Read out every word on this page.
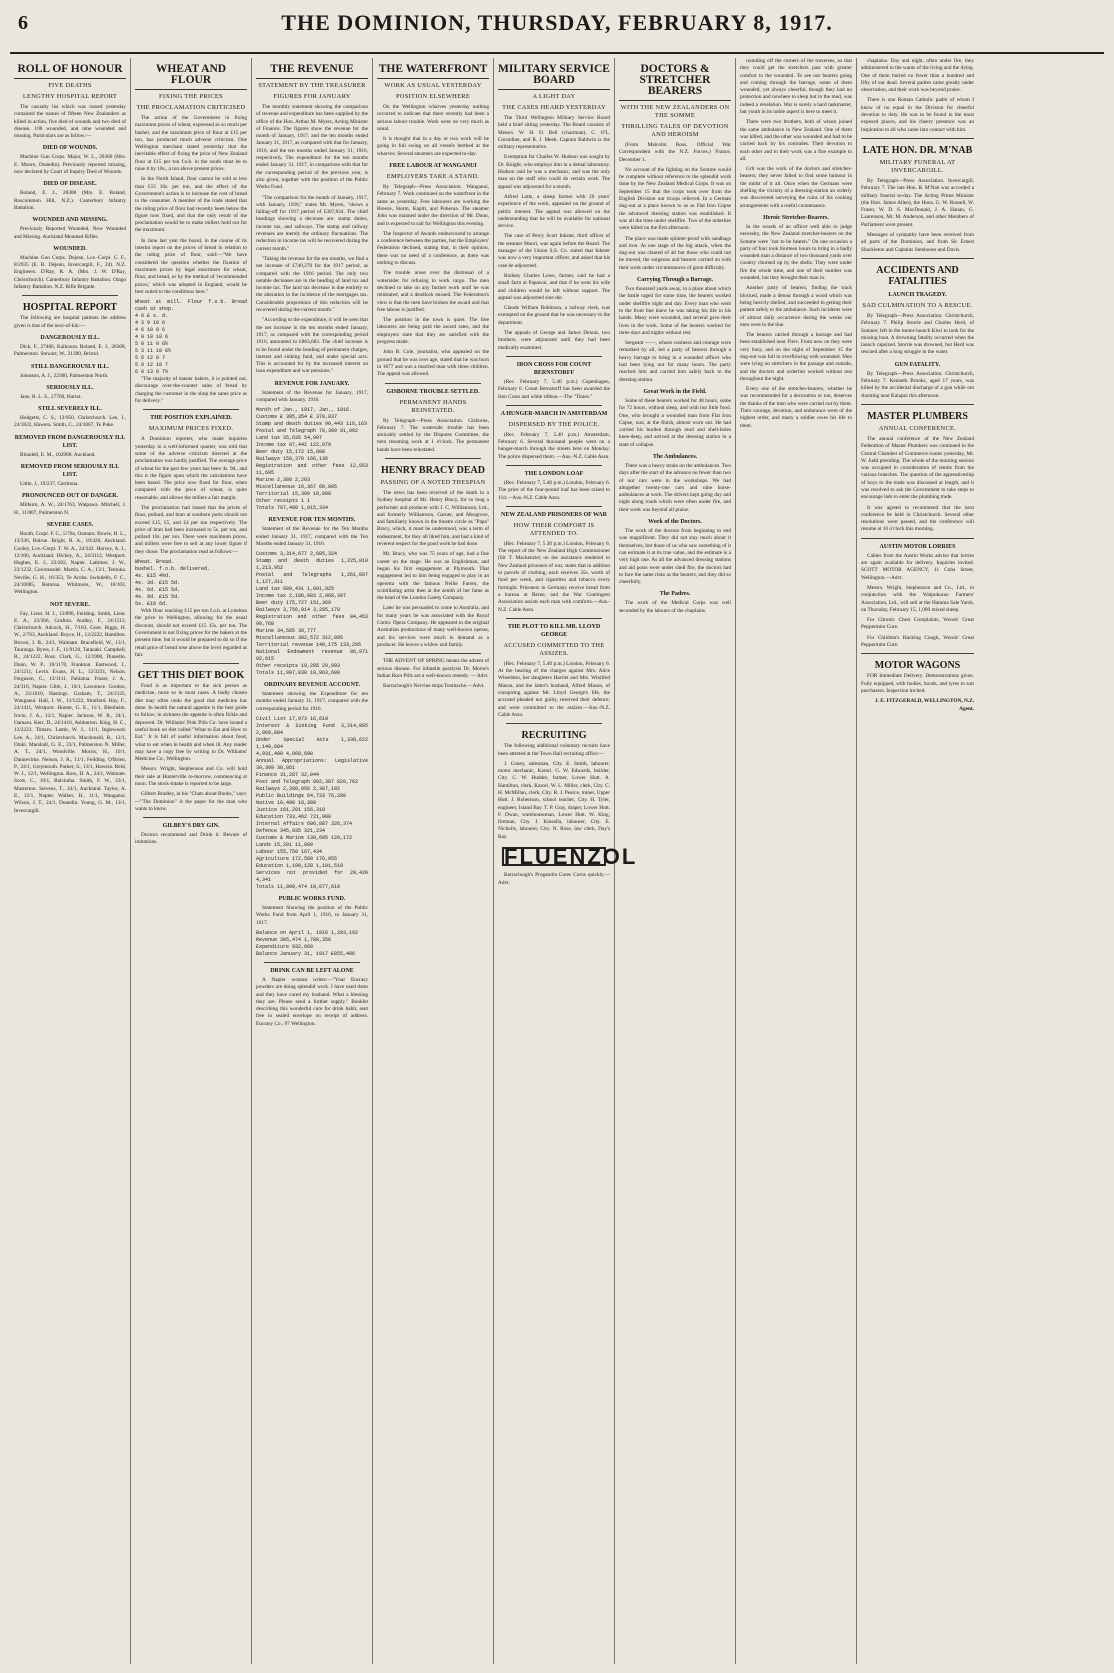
6	THE DOMINION, THURSDAY, FEBRUARY 8, 1917.
ROLL OF HONOUR
FIVE DEATHS
LENGTHY HOSPITAL REPORT

The casualty list which was issued yesterday contained the names of fifteen New Zealanders as killed in action, five died of wounds and two died of disease, 106 wounded, and nine wounded and missing. Particulars are as follow:—

DIED OF WOUNDS.

Machine Gun Corps. Major, W. L., 20360 (Mrs. E. Moore, Dunedin). Previously reported missing, now declared by Court of Inquiry Died of Wounds.

DIED OF DISEASE.

Boland, E. J., 28308 (Mrs. E. Boland, Roscommon Hill, N.Z.). Canterbury Infantry Battalion.

WOUNDED AND MISSING.

Previously Reported Wounded, Now Wounded and Missing. Auckland Mounted Rifles.

WOUNDED.

Machine Gun Corps. Dejean, Lce.-Corpl. C. F., 8/2935 (E. B. Dejean, Invercargill, F., 24). N.Z. Engineers. D'Ray, R. A. (Mrs. J. W. D'Ray, Christchurch). Canterbury Infantry Battalion. Otago Infantry Battalion. N.Z. Rifle Brigade.

HOSPITAL REPORT

The following are hospital patients the address given is that of the next-of-kin:—

DANGEROUSLY ILL.

Dick, F., 27406, Kaikoura. Boland, E. J., 28308, Palmerston. Stewart, W., 21390, Bristol.

STILL DANGEROUSLY ILL.

Johnston, A. J., 22300, Palmerston North.

SERIOUSLY ILL.

Jane, R. L. S., 27760, Hariot.

STILL SEVERELY ILL.

Hodgetts, C. S., 12/950, Christchurch. Lee, J., 24/1822, Hawera. Smith, C., 24/3067, Te Puke.

REMOVED FROM DANGEROUSLY ILL LIST.

Blundell, E. M., 102908, Auckland.

REMOVED FROM SERIOUSLY ILL LIST.

Little, J., 19/237, Cardrona.

PRONOUNCED OUT OF DANGER.

Milburn, A. W., 24/1763, Waipawa. Mitchell, J. H., 11/807, Palmerston N.

SEVERE CASES.

Booth, Corpl. F. C., 5/70a, Oamaru. Bowie, H. L., 13/336, Bulrue. Bright, R. A., 10/420, Auckland. Cooley, Lce.-Corpl. T. W. A., 24/342. Harvey, A. J., 12/100, Auckland. Hickey, A., 24/3112, Westport. Hughes, E. J., 23/202, Napier. Lattimer, J. W., 23/1232, Coromandel. Martin, C. A., 13/1, Temuka. Neville, G. H., 16/353, Te Aroha. Swindells, F. C., 24/10085, Rotorua. Whitmore, W., 10/103, Wellington.

NOT SEVERE.

Fay, Lieut. H. J., 13/896, Feilding. Smith, Lieut. E. A., 23/366, Grafton. Audley, F., 24/1512, Christchurch. Adcock, H., 7/163, Gore. Biggs, H. W., 2/763, Auckland. Boyce, H., 12/2222, Hamilton. Brown, J. B., 24/1, Waimate. Bracefield, W., 13/1, Tauranga. Byres, J. F., 11/9120, Taranaki. Campbell, R., 24/1222, Ross. Clark, G., 12/1900, Dunedin. Dunn, W. P., 10/1170, Frankton. Eastwood, J., 24/1211, Levin. Evans, H. L., 12/3231, Nelson. Ferguson, G., 13/1111, Pahiatua. Fraser, J. A., 24/316, Napier. Gibb, J., 10/1, Lawrence. Gordon, A., 23/1010, Hastings. Graham, T., 24/2125, Wanganui. Hall, J. W., 13/1222, Stratford. Hay, F., 24/1411, Westport. Hunter, G. E., 11/1, Blenheim. Irwin, J. A., 12/1, Napier. Jackson, W. R., 24/1, Oamaru. Kerr, D., 24/1410, Ashburton. King, H. C., 13/2223, Timaru. Lamb, W. J., 11/1, Inglewood. Lee, A., 24/1, Christchurch. Macdonald, R., 12/1, Otaki. Marshall, G. E., 23/1, Palmerston N. Miller, A. T., 24/1, Woodville. Morris, H., 10/1, Dannevirke. Nelson, J. R., 11/1, Feilding. O'Brien, P., 24/1, Greymouth. Parker, S., 13/1, Hawera. Reid, W. J., 12/1, Wellington. Ross, D. A., 24/1, Waimate. Scott, C., 10/1, Balclutha. Smith, F. W., 23/1, Masterton. Stevens, T., 24/1, Auckland. Taylor, A. E., 12/1, Napier. Walker, H., 11/1, Wanganui. Wilson, J. T., 24/1, Dunedin. Young, G. M., 13/1, Invercargill.

WHEAT AND FLOUR
FIXING THE PRICES
THE PROCLAMATION CRITICISED

The action of the Government in fixing maximum prices of wheat, expressed as so much per bushel, and the maximum price of flour at £15 per ton, has produced much adverse criticism. One Wellington merchant stated yesterday that the inevitable effect of fixing the price of New Zealand flour at £15 per ton f.o.b. in the south must be to raise it by 10s., a ton above present prices.

In the North Island, flour cannot be sold at less than £15 10s. per ton, and the effect of the Government's action is to increase the cost of bread to the consumer. A member of the trade stated that the ruling price of flour had recently been below the figure now fixed, and that the only result of the proclamation would be to make millers hold out for the maximum.

In June last year the board, in the course of its interim report on the prices of bread in relation to the ruling price of flour, said:—"We have considered the question whether the fixation of maximum prices by legal enactment for wheat, flour, and bread, or by the method of 'recommended prices,' which was adopted in England, would be best suited to the conditions here."

Wheat at mill. Flour f.o.b. Bread cash at shop.
4 0 £ s. d.
4 3 9 10 6
4 6 10 0 6
4 9 10 10 6
5 0 11 0 6½
5 3 11 10 6½
5 6 12 0 7
5 9 12 10 7
6 0 13 0 7½

"The majority of master bakers, it is pointed out, discourage over-the-counter sales of bread by charging the customer in the shop the same price as for delivery."

THE POSITION EXPLAINED.
MAXIMUM PRICES FIXED.

A Dominion reporter, who made inquiries yesterday in a well-informed quarter, was told that some of the adverse criticism directed at the proclamation was hardly justified. The average price of wheat for the past few years has been 4s. 9d., and this is the figure upon which the calculations have been based. The price now fixed for flour, when compared with the price of wheat, is quite reasonable, and allows the millers a fair margin.

The proclamation had issued that the prices of flour, pollard, and bran at southern ports should not exceed £15, £5, and £4 per ton respectively. The price of bran had been increased to 5s. per ton, and pollard 10s. per ton. There were maximum prices, and millers were free to sell at any lower figure if they chose. The proclamation read as follows:—

Wheat. Bread.
bushel. f.o.b. delivered.
4s. £15 4½d.
4s. 3d. £15 5d.
4s. 6d. £15 5d.
4s. 9d. £15 5d.
5s. £16 6d.

With flour reaching £15 per ton f.o.b. at Lyttelton the price in Wellington, allowing for the usual discount, should not exceed £15 15s. per ton. The Government is not fixing prices for the bakers at the present time, but it would be prepared to do so if the retail price of bread rose above the level regarded as fair.

GET THIS DIET BOOK

Food is as important to the sick person as medicine, more so in most cases. A badly chosen diet may often undo the good that medicine has done. In health the natural appetite is the best guide to follow; in sickness the appetite is often fickle and depraved. Dr. Williams' Pink Pills Co. have issued a useful book on diet called "What to Eat and How to Eat." It is full of useful information about food, what to eat when in health and when ill. Any reader may have a copy free by writing to Dr. Williams' Medicine Co., Wellington.

Messrs. Wright, Stephenson and Co. will hold their sale at Hunterville to-morrow, commencing at noon. The stock-intake is reported to be large.

Gilbert Bradley, in his "Chats about Books," says:—"The Dominion" is the paper for the man who wants to know.

GILBEY'S DRY GIN.

Doctors recommend and Drink it. Beware of imitations.

THE REVENUE
STATEMENT BY THE TREASURER
FIGURES FOR JANUARY

The monthly statement showing the comparison of revenue and expenditure has been supplied by the office of the Hon. Arthur M. Myers, Acting Minister of Finance. The figures show the revenue for the month of January, 1917, and the ten months ended January 31, 1917, as compared with that for January, 1916, and the ten months ended January 31, 1916, respectively. The expenditure for the ten months ended January 31, 1917, in comparison with that for the corresponding period of the previous year, is also given, together with the position of the Public Works Fund.

"The comparison for the month of January, 1917, with January, 1916," states Mr. Myers, "shows a falling-off for 1917 period of £307,834. The chief headings showing a decrease are: stamp duties, income tax, and railways. The stamp and railway revenues are merely the ordinary fluctuations. The reduction in income tax will be recovered during the current month."

"Taking the revenue for the ten months, we find a net increase of £740,270 for the 1917 period, as compared with the 1916 period. The only two notable decreases are in the heading of land tax and income tax. The land tax decrease is due entirely to the alteration in the incidence of the mortgages tax. Considerable proportions of this reduction will be recovered during the current month."

"According to the expenditure, it will be seen that the net increase in the ten months ended January, 1917, as compared with the corresponding period 1916, amounted to £863,683. The chief increase is to be found under the heading of permanent charges, interest and sinking fund, and under special acts. This is accounted for by the increased interest on loan expenditure and war pensions."

REVENUE FOR JANUARY.

Statement of the Revenue for January, 1917, compared with January, 1916.

Month of Jan., 1917. Jan., 1916.
Customs £ 305,354 £ 370,837
Stamp and death duties 90,443 116,163
Postal and Telegraph 70,309 91,002
Land tax 35,635 54,097
Income tax 97,442 122,079
Beer duty 15,172 15,608
Railways 159,370 166,136
Registration and other fees 12,053 11,695
Marine 2,380 2,203
Miscellaneous 16,367 60,895
Territorial 15,309 10,890
Other receipts 1 1
Totals 707,480 1,015,334
REVENUE FOR TEN MONTHS.

Statement of the Revenue for the Ten Months ended January 31, 1917, compared with the Ten Months ended January 31, 1916.

Customs 3,314,677 2,685,324
Stamp and death duties 1,225,019 1,213,952
Postal and Telegraphs 1,261,897 1,127,311
Land tax 689,431 1,001,925
Income tax 2,106,983 2,068,397
Beer duty 175,727 151,369
Railways 3,756,914 3,285,179
Registration and other fees 84,453 90,768
Marine 34,585 30,777
Miscellaneous 302,572 312,095
Territorial revenue 140,175 133,295
National Endowment revenue 86,971 92,615
Other receipts 19,205 29,093
Totals 11,997,830 10,963,609
ORDINARY REVENUE ACCOUNT.

Statement showing the Expenditure for ten months ended January 31, 1917, compared with the corresponding period for 1916.

Civil List 17,973 16,619
Interest & Sinking Fund 3,314,805 2,969,884
Under Special Acts 1,338,622 1,140,604
4,931,400 4,068,698
Annual Appropriations: Legislative 39,309 30,861
Finance 31,287 32,044
Post and Telegraph 802,387 820,762
Railways 2,280,056 2,307,192
Public Buildings 64,733 76,289
Native 10,498 10,380
Justice 161,201 156,310
Education 733,462 721,900
Internal Affairs 606,887 326,374
Defence 345,935 321,234
Customs & Marine 130,695 129,172
Lands 15,201 11,800
Labour 155,750 167,434
Agriculture 172,560 170,955
Education 1,100,128 1,101,519
Services not provided for 29,420 4,341
Totals 11,009,474 10,077,619
PUBLIC WORKS FUND.

Statement Showing the position of the Public Works Fund from April 1, 1916, to January 31, 1917.

Balance on April 1, 1916 1,203,192
Revenue 305,474 1,788,356
Expenditure 932,060
Balance January 31, 1917 £855,486
DRINK CAN BE LEFT ALONE

A Napier woman writes:—"Your Eucrasy powders are doing splendid work. I have used them and they have cured my husband. What a blessing they are. Please send a further supply." Booklet describing this wonderful cure for drink habit, sent free in sealed envelope on receipt of address. Eucrasy Co., 97 Wellington.

THE WATERFRONT
WORK AS USUAL YESTERDAY
POSITION ELSEWHERE

On the Wellington wharves yesterday nothing occurred to indicate that there recently had been a serious labour trouble. Work went on very much as usual.

It is thought that in a day or two work will be going in full swing on all vessels berthed at the wharves. Several steamers are expected to-day.

FREE LABOUR AT WANGANUI
EMPLOYERS TAKE A STAND.

By Telegraph—Press Association. Wanganui, February 7. Work continued on the waterfront in the same as yesterday. Free labourers are working the Breeze, Storm, Kapiti, and Poherua. The steamer John was manned under the direction of Mr. Dunn, and is expected to sail for Wellington this evening.

The Inspector of Awards endeavoured to arrange a conference between the parties, but the Employers' Federation declined, stating that, in their opinion, there was no need of a conference, as there was nothing to discuss.

The trouble arose over the dismissal of a watersider for refusing to work cargo. The men declined to take on any further work until he was reinstated, and a deadlock ensued. The Federation's view is that the men have broken the award and that free labour is justified.

The position in the town is quiet. The free labourers are being paid the award rates, and the employers state that they are satisfied with the progress made.

John B. Cole, journalist, who appealed on the ground that he was over age, stated that he was born in 1877 and was a married man with three children. The appeal was allowed.

GISBORNE TROUBLE SETTLED.
PERMANENT HANDS REINSTATED.

By Telegraph—Press Association. Gisborne, February 7. The waterside trouble has been amicably settled by the Disputes Committee, the men resuming work at 1 o'clock. The permanent hands have been reinstated.

HENRY BRACY DEAD
PASSING OF A NOTED THESPIAN

The news has been received of the death in a Sydney hospital of Mr. Henry Bracy, for so long a performer and producer with J. C. Williamson, Ltd., and formerly Williamson, Garner, and Musgrove, and familiarly known in the theatre circle as "Papa" Bracy, which, it must be understood, was a term of endearment, for they all liked him, and had a kind of reverent respect for the good work he had done.

Mr. Bracy, who was 75 years of age, had a fine career on the stage. He was an Englishman, and began his first engagement at Plymouth. That engagement led to him being engaged to play in an operetta with the famous Nellie Farren, the scintillating artist then at the zenith of her fame as the head of the London Gaiety Company.

Later he was persuaded to come to Australia, and for many years he was associated with the Royal Comic Opera Company. He appeared in the original Australian productions of many well-known operas, and his services were much in demand as a producer. He leaves a widow and family.

THE ADVENT OF SPRING means the advent of serious disease. For infantile paralysis Dr. Morse's Indian Root Pills are a well-known remedy. — Advt.

Barraclough's Nervine stops Toothache.—Advt.

MILITARY SERVICE BOARD
A LIGHT DAY
THE CASES HEARD YESTERDAY

The Third Wellington Military Service Board held a brief sitting yesterday. The Board consists of Messrs. W. H. D. Bell (chairman), C. O'L. Considine, and R. J. Meek. Captain Baldwin is the military representative.

Exemption for Charles W. Hudson was sought by Dr. Knight, who employs him in a dental laboratory. Hudson said he was a mechanic, and was the only man on the staff who could do certain work. The appeal was adjourned for a month.

Alfred Lotts, a sheep farmer with 26 years' experience of the work, appealed on the ground of public interest. The appeal was allowed on the understanding that he will be available for national service.

The case of Percy Scott Inkster, third officer of the steamer Maori, was again before the Board. The manager of the Union S.S. Co. stated that Inkster was now a very important officer, and asked that his case be adjourned.

Rodney Charles Lowe, farmer, said he had a small farm at Papawai, and that if he went his wife and children would be left without support. The appeal was adjourned sine die.

Claude William Robinson, a railway clerk, was exempted on the ground that he was necessary to the department.

The appeals of George and James Dennis, two brothers, were adjourned until they had been medically examined.

IRON CROSS FOR COUNT BERNSTORFF

(Rec. February 7, 5.40 p.m.) Copenhagen, February 6. Count Bernstorff has been awarded the Iron Cross and white ribbon.—The "Times."

A HUNGER-MARCH IN AMSTERDAM
DISPERSED BY THE POLICE.

(Rec. February 7, 5.40 p.m.) Amsterdam, February 6. Several thousand people went on a hunger-march through the streets here on Monday. The police dispersed them. —Aus.-N.Z. Cable Assn.

THE LONDON LOAF

(Rec. February 7, 5.40 p.m.) London, February 6. The price of the four-pound loaf has been raised to 11d.—Aus.-N.Z. Cable Assn.

NEW ZEALAND PRISONERS OF WAR
HOW THEIR COMFORT IS ATTENDED TO.

(Rec. February 7, 5.30 p.m.) London, February 6. The report of the New Zealand High Commissioner (Sir T. Mackenzie) on the assistance rendered to New Zealand prisoners of war, states that in addition to parcels of clothing, each receives 35s. worth of food per week, and cigarettes and tobacco every fortnight. Prisoners in Germany receive bread from a bureau at Berne, and the War Contingent Association assists each man with comforts.—Aus.-N.Z. Cable Assn.

THE PLOT TO KILL MR. LLOYD GEORGE
ACCUSED COMMITTED TO THE ASSIZES.

(Rec. February 7, 5.40 p.m.) London, February 6. At the hearing of the charges against Mrs. Alice Wheeldon, her daughters Harriet and Mrs. Winifred Mason, and the latter's husband, Alfred Mason, of conspiring against Mr. Lloyd George's life, the accused pleaded not guilty, reserved their defence, and were committed to the assizes.—Aus.-N.Z. Cable Assn.

RECRUITING

The following additional voluntary recruits have been attested at the Town Hall recruiting office:—

J. Coney, salesman, City. E. Smith, labourer, motor mechanic, Karori. G. W. Edwards, builder, City. C. W. Hudder, farmer, Lower Hutt. A. Hamilton, clerk, Karori. W. L. Miller, clerk, City. C. H. McMillan, clerk, City. R. J. Pearce, miner, Upper Hutt. J. Robertson, school teacher, City. H. Tyler, engineer, Island Bay. T. P. Gray, draper, Lower Hutt. F. Dwan, warehouseman, Lower Hutt. W. King, fireman, City. J. Kinsella, labourer, City. E. Nicholls, labourer, City. N. Rose, law clerk, Day's Bay.

FLUENZOL

Barraclough's Progandra Cures Corns quickly.—Advt.

DOCTORS & STRETCHER BEARERS
WITH THE NEW ZEALANDERS ON THE SOMME
THRILLING TALES OF DEVOTION AND HEROISM

(From Malcolm Ross, Official War Correspondent with the N.Z. Forces.) France, December 1.

No account of the fighting on the Somme would be complete without reference to the splendid work done by the New Zealand Medical Corps. It was on September 15 that the corps took over from the English Division our troops relieved. In a German dug-out at a place known to us as Flat Iron Copse the advanced dressing station was established. It was all the time under shellfire. Two of the orderlies were killed on the first afternoon.

The place was made splinter-proof with sandbags and iron. At one stage of the big attack, when the dug-out was cleared of all but those who could not be moved, the surgeons and bearers carried on with their work under circumstances of great difficulty.

Carrying Through a Barrage.

Two thousand yards away, in a place about which the battle raged for some time, the bearers worked under shellfire night and day. Every man who went to the front line knew he was taking his life in his hands. Many were wounded, and several gave their lives in the work. Some of the bearers worked for three days and nights without rest.

Sergeant ——, whose coolness and courage were remarked by all, led a party of bearers through a heavy barrage to bring in a wounded officer who had been lying out for many hours. The party reached him and carried him safely back to the dressing station.

Great Work in the Field.

Some of these bearers worked for 48 hours, some for 72 hours, without sleep, and with but little food. One, who brought a wounded man from Flat Iron Copse, was, at the finish, almost worn out. He had carried his burden through mud and shell-holes knee-deep, and arrived at the dressing station in a state of collapse.

The Ambulances.

There was a heavy strain on the ambulances. Two days after the start of the advance no fewer than two of our cars were in the workshops. We had altogether twenty-one cars and nine horse-ambulances at work. The drivers kept going day and night along roads which were often under fire, and their work was beyond all praise.

Work of the Doctors.

The work of the doctors from beginning to end was magnificent. They did not stay much about it themselves, but those of us who saw something of it can estimate it at its true value, and the estimate is a very high one. As all the advanced dressing stations and aid posts were under shell fire, the doctors had to face the same risks as the bearers, and they did so cheerfully.

The Padres.

The work of the Medical Corps was well seconded by the labours of the chaplains.

rounding off the corners of the traverses, so that they could get the stretchers past with greater comfort to the wounded. To see our bearers going and coming through the barrage, some of them wounded, yet always cheerful, though they had no protection and nowhere to sleep but in the mud, was indeed a revelation. War is surely a hard taskmaster, but youth in its noble aspect is here to meet it.

There were two brothers, both of whom joined the same ambulance in New Zealand. One of them was killed, and the other was wounded and had to be carried back by his comrades. Their devotion to each other and to their work was a fine example to all.

Grit was the work of the doctors and stretcher-bearers; they never failed to find some humour in the midst of it all. Once when the Germans were shelling the vicinity of a dressing-station an orderly was discovered surveying the ruins of his cooking arrangements with a rueful countenance.

Heroic Stretcher-Bearers.

In the woods of an officer well able to judge necessity, the New Zealand stretcher-bearers on the Somme were "not to be beaten." On one occasion a party of four took fourteen hours to bring in a badly wounded man a distance of two thousand yards over country churned up by the shells. They were under fire the whole time, and one of their number was wounded, but they brought their man in.

Another party of bearers, finding the track blocked, made a detour through a wood which was being heavily shelled, and succeeded in getting their patient safely to the ambulance. Such incidents were of almost daily occurrence during the weeks our men were in the line.

The bearers carried through a barrage and had been established near Flers. From now on they were very busy, and on the night of September 15 the dug-out was full to overflowing with wounded. Men were lying on stretchers in the passage and outside, and the doctors and orderlies worked without rest throughout the night.

Every one of the stretcher-bearers, whether he was recommended for a decoration or not, deserves the thanks of the men who were carried out by them. Their courage, devotion, and endurance were of the highest order, and many a soldier owes his life to them.

chaplains. Day and night, often under fire, they administered to the wants of the living and the dying. One of them buried no fewer than a hundred and fifty of our dead. Several padres came greatly under observation, and their work was beyond praise.

There is one Roman Catholic padre of whom I know of no equal in the Division for cheerful devotion to duty. He was to be found in the most exposed places, and his cheery presence was an inspiration to all who came into contact with him.

LATE HON. DR. M'NAB
MILITARY FUNERAL AT INVERCARGILL.

By Telegraph—Press Association. Invercargill, February 7. The late Hon. R. M'Nab was accorded a military funeral to-day. The Acting Prime Minister (the Hon. James Allen), the Hons. G. W. Russell, W. Fraser, W. D. S. MacDonald, J. A. Hanan, G. Laurenson, Mr. M. Anderson, and other Members of Parliament were present.

Messages of sympathy have been received from all parts of the Dominion, and from Sir Ernest Shackleton and Captains Stenhouse and Davis.

ACCIDENTS AND FATALITIES
LAUNCH TRAGEDY.
SAD CULMINATION TO A RESCUE.

By Telegraph—Press Association. Christchurch, February 7. Philip Storrie and Charles Herd, of Sumner, left in the motor-launch Kiwi to look for the missing boat. A drowning fatality occurred when the launch capsized. Storrie was drowned, but Herd was rescued after a long struggle in the water.

GUN FATALITY.

By Telegraph—Press Association. Christchurch, February 7. Kenneth Brooks, aged 17 years, was killed by the accidental discharge of a gun while out shooting near Kaiapoi this afternoon.

MASTER PLUMBERS
ANNUAL CONFERENCE.

The annual conference of the New Zealand Federation of Master Plumbers was continued in the Central Chamber of Commerce rooms yesterday, Mr. W. Judd presiding. The whole of the morning session was occupied in consideration of remits from the various branches. The question of the apprenticeship of boys to the trade was discussed at length, and it was resolved to ask the Government to take steps to encourage lads to enter the plumbing trade.

It was agreed to recommend that the next conference be held in Christchurch. Several other resolutions were passed, and the conference will resume at 10 o'clock this morning.

AUSTIN MOTOR LORRIES

Cables from the Austin Works advise that lorries are again available for delivery. Inquiries invited. SCOTT MOTOR AGENCY, 11 Cuba Street, Wellington.—Advt.

Messrs. Wright, Stephenson and Co., Ltd., in conjunction with the Waipukurau Farmers' Association, Ltd., will sell at the Hatuma Sale Yards, on Thursday, February 15, 1,000 mixed sheep.

For Chronic Chest Complaints, Woods' Great Peppermint Cure.

For Children's Hacking Cough, Woods' Great Peppermint Cure.

MOTOR WAGONS

FOR Immediate Delivery. Demonstrations given. Fully equipped, with bodies, hoods, and tyres to suit purchasers. Inspection invited.

J. E. FITZGERALD, WELLINGTON, N.Z. Agent.
